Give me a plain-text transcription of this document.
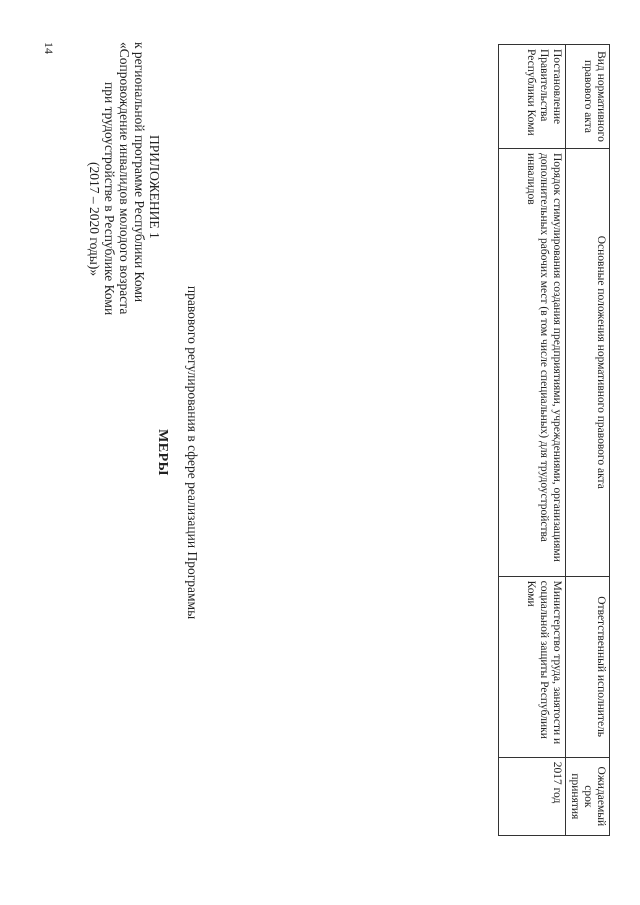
14
ПРИЛОЖЕНИЕ 1
к региональной программе Республики Коми
«Сопровождение инвалидов молодого возраста
при трудоустройстве в Республике Коми
(2017 – 2020 годы)»
МЕРЫ правового регулирования в сфере реализации Программы
Вид нормативного правового акта	Основные положения нормативного правового акта	Ответственный исполнитель	Ожидаемый срок принятия
Постановление Правительства Республики Коми	Порядок стимулирования создания предприятиями, учреждениями, организациями дополнительных рабочих мест (в том числе специальных) для трудоустройства инвалидов	Министерство труда, занятости и социальной защиты Республики Коми	2017 год
